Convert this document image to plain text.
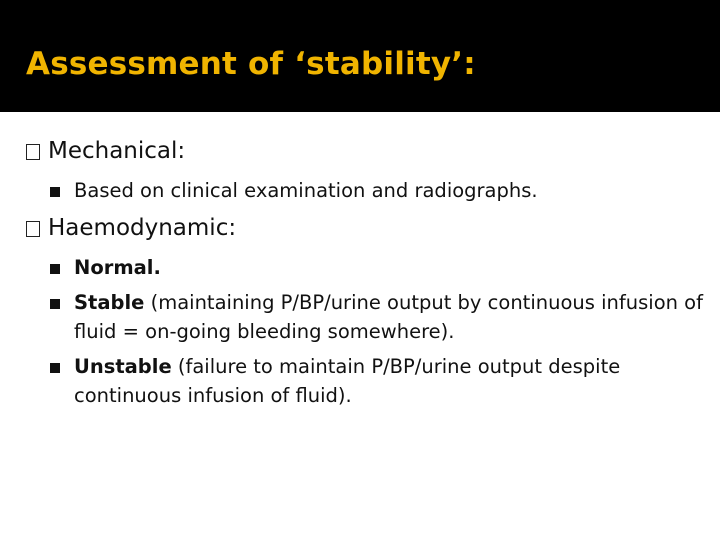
Assessment of ‘stability’:
Mechanical:
Based on clinical examination and radiographs.
Haemodynamic:
Normal.
Stable (maintaining P/BP/urine output by continuous infusion of fluid = on-going bleeding somewhere).
Unstable (failure to maintain P/BP/urine output despite continuous infusion of fluid).
